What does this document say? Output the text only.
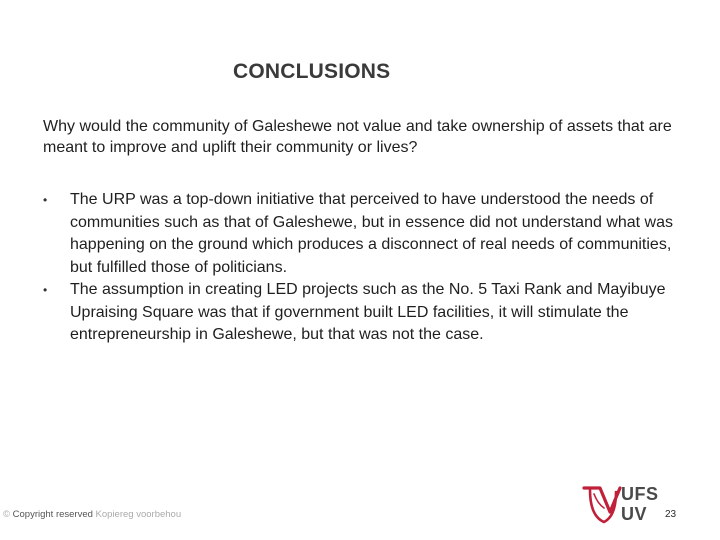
CONCLUSIONS
Why would the community of Galeshewe not value and take ownership of assets that are meant to improve and uplift their community or lives?
•	The URP was a top-down initiative that perceived to have understood the needs of communities such as that of Galeshewe, but in essence did not understand what was happening on the ground which produces a disconnect of real needs of communities, but fulfilled those of politicians.
•	The assumption in creating LED projects such as the No. 5 Taxi Rank and Mayibuye Upraising Square was that if government built LED facilities, it will stimulate the entrepreneurship in Galeshewe, but that was not the case.
© Copyright reserved Kopiereg voorbehou
UFS
UV	23
